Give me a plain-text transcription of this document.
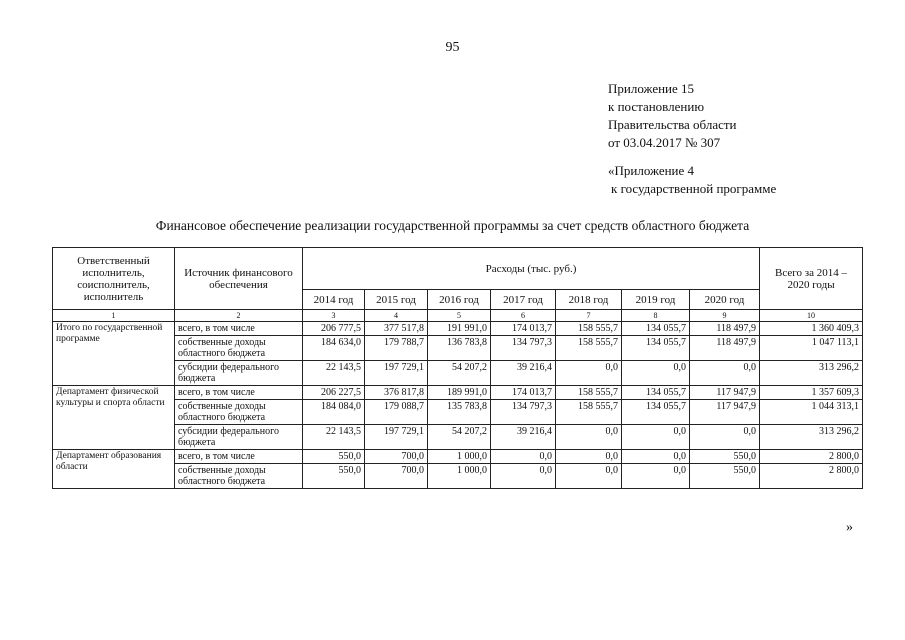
95
Приложение 15
к постановлению
Правительства области
от 03.04.2017 № 307
«Приложение 4
к государственной программе
Финансовое обеспечение реализации государственной программы за счет средств областного бюджета
Ответственный исполнитель, соисполнитель, исполнитель	Источник финансового обеспечения	Расходы (тыс. руб.)							Всего за 2014 – 2020 годы
		2014 год	2015 год	2016 год	2017 год	2018 год	2019 год	2020 год	
1	2	3	4	5	6	7	8	9	10
Итого по государственной программе	всего, в том числе	206 777,5	377 517,8	191 991,0	174 013,7	158 555,7	134 055,7	118 497,9	1 360 409,3
	собственные доходы областного бюджета	184 634,0	179 788,7	136 783,8	134 797,3	158 555,7	134 055,7	118 497,9	1 047 113,1
	субсидии федерального бюджета	22 143,5	197 729,1	54 207,2	39 216,4	0,0	0,0	0,0	313 296,2
Департамент физической культуры и спорта области	всего, в том числе	206 227,5	376 817,8	189 991,0	174 013,7	158 555,7	134 055,7	117 947,9	1 357 609,3
	собственные доходы областного бюджета	184 084,0	179 088,7	135 783,8	134 797,3	158 555,7	134 055,7	117 947,9	1 044 313,1
	субсидии федерального бюджета	22 143,5	197 729,1	54 207,2	39 216,4	0,0	0,0	0,0	313 296,2
Департамент образования области	всего, в том числе	550,0	700,0	1 000,0	0,0	0,0	0,0	550,0	2 800,0
	собственные доходы областного бюджета	550,0	700,0	1 000,0	0,0	0,0	0,0	550,0	2 800,0
»
